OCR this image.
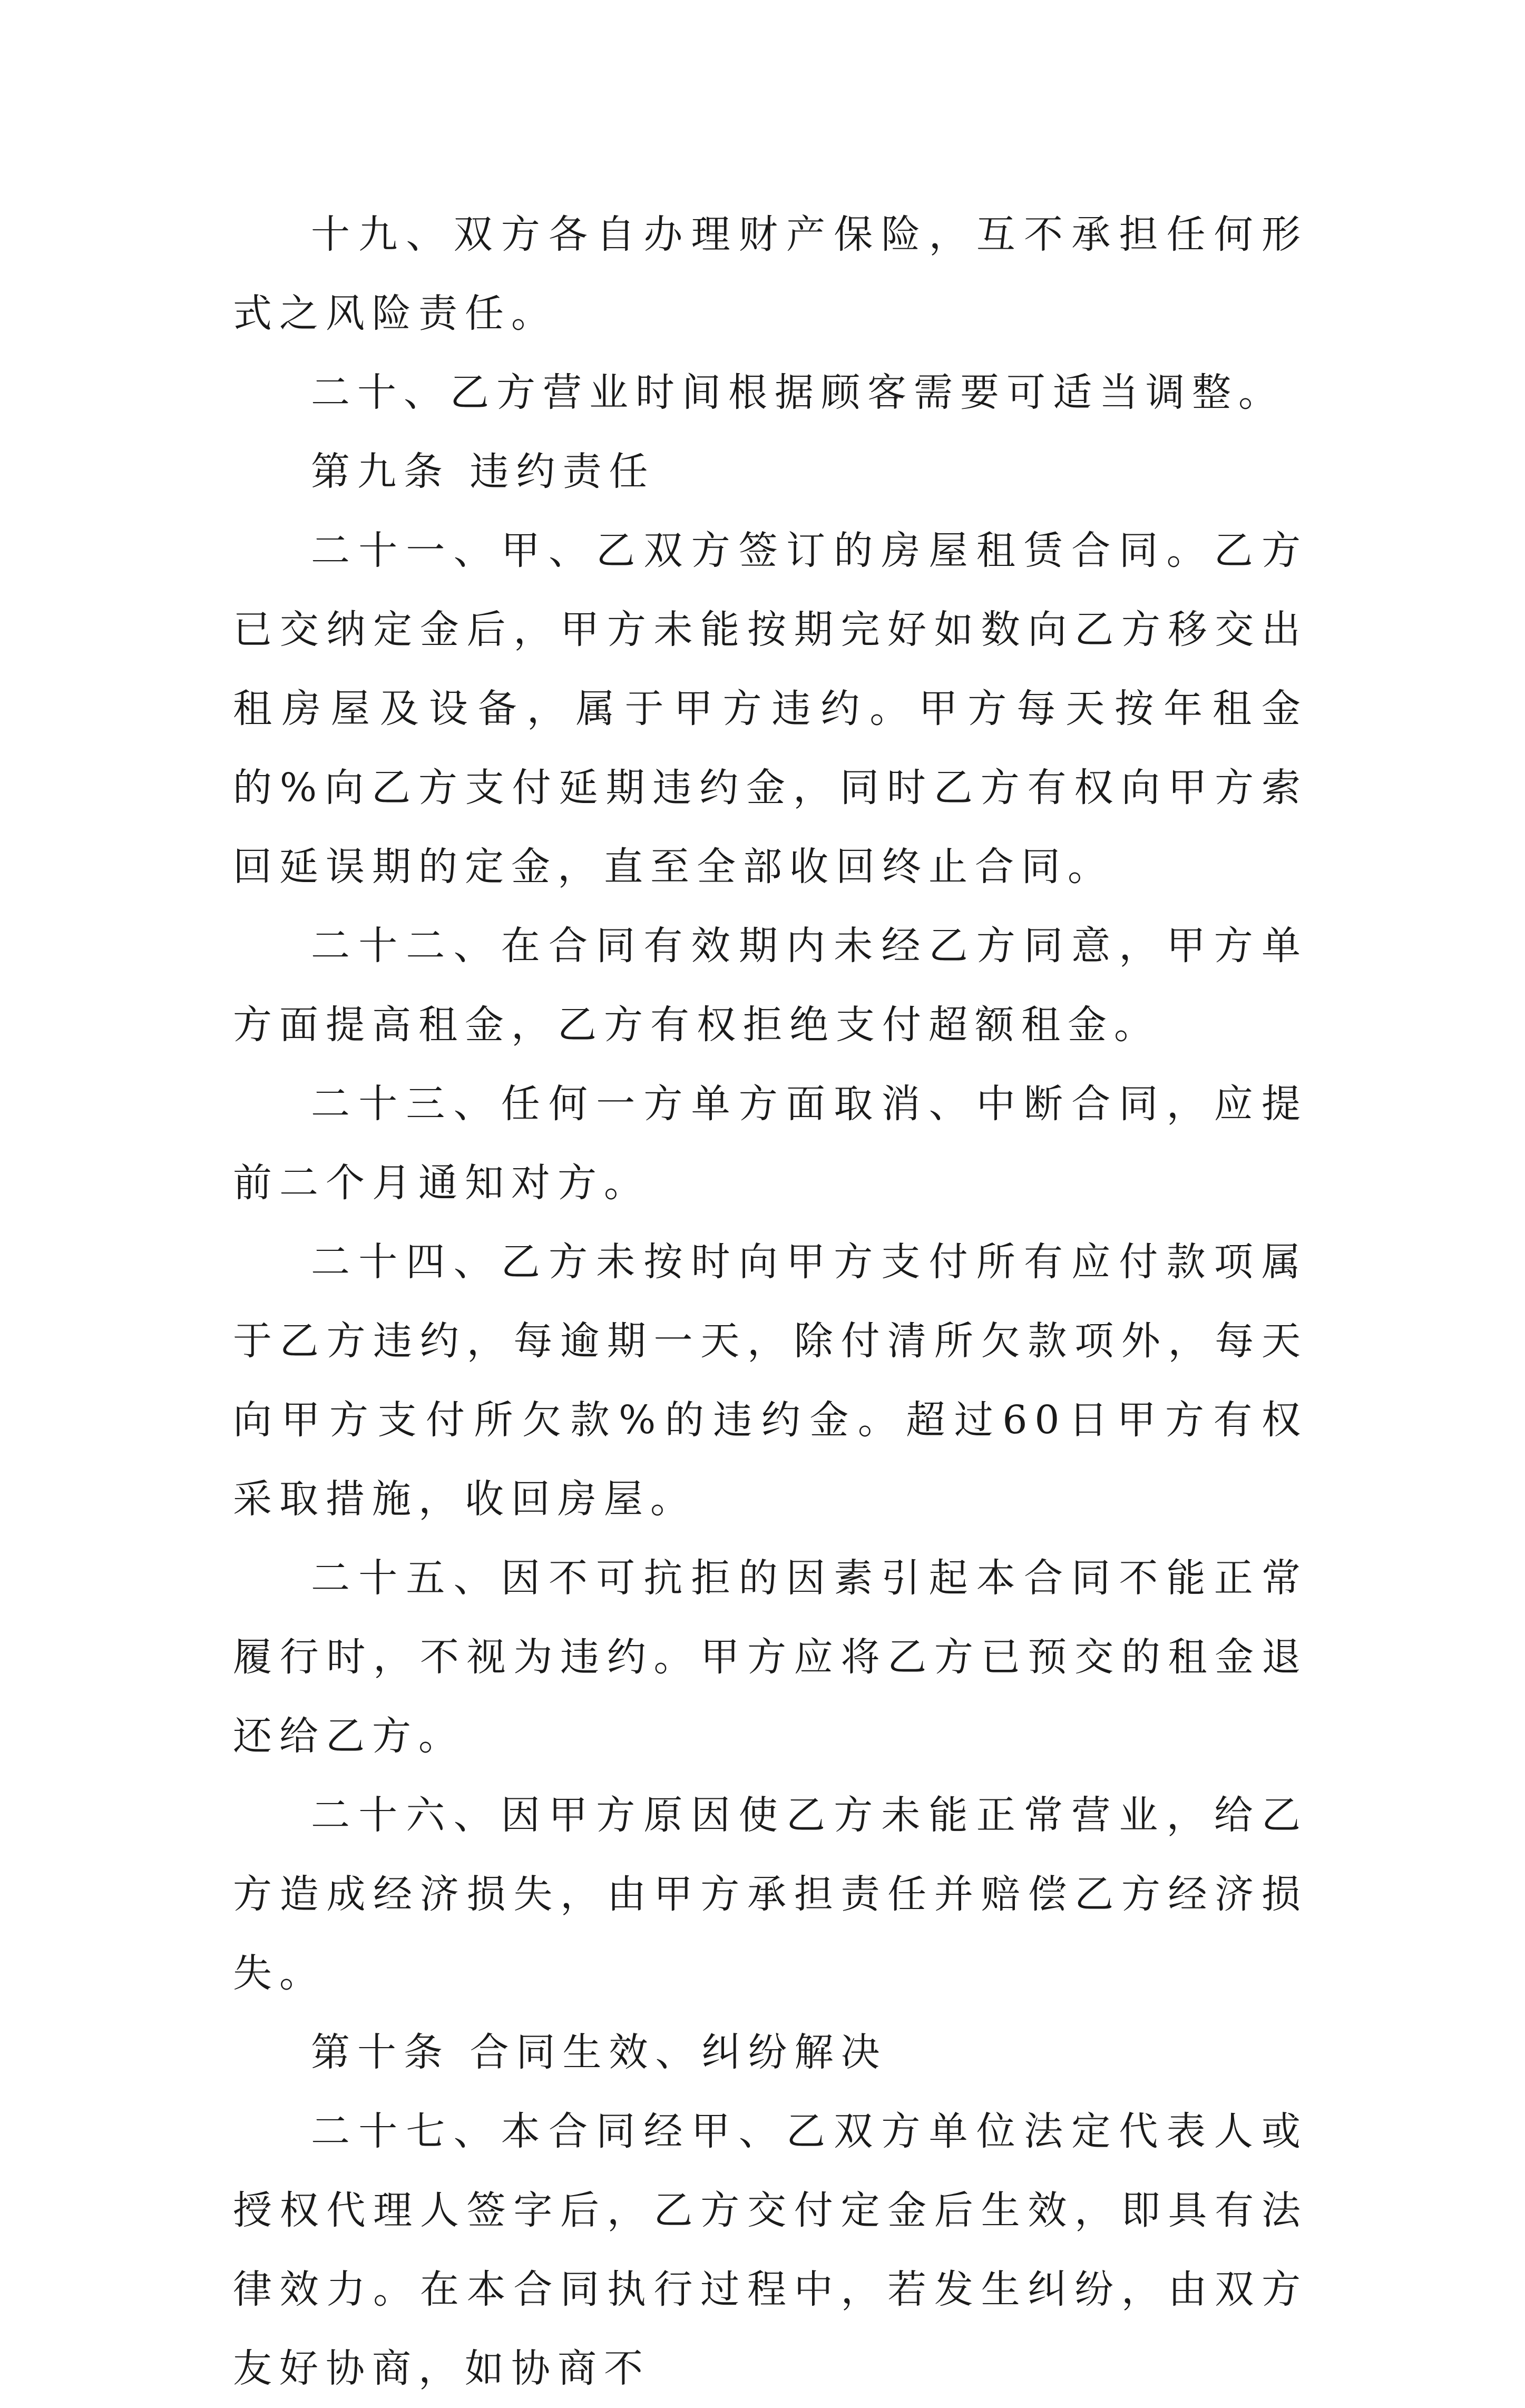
十九、双方各自办理财产保险，互不承担任何形式之风险责任。

二十、乙方营业时间根据顾客需要可适当调整。

第九条 违约责任

二十一、甲、乙双方签订的房屋租赁合同。乙方已交纳定金后，甲方未能按期完好如数向乙方移交出租房屋及设备，属于甲方违约。甲方每天按年租金的%向乙方支付延期违约金，同时乙方有权向甲方索回延误期的定金，直至全部收回终止合同。

二十二、在合同有效期内未经乙方同意，甲方单方面提高租金，乙方有权拒绝支付超额租金。

二十三、任何一方单方面取消、中断合同，应提前二个月通知对方。

二十四、乙方未按时向甲方支付所有应付款项属于乙方违约，每逾期一天，除付清所欠款项外，每天向甲方支付所欠款%的违约金。超过60日甲方有权采取措施，收回房屋。

二十五、因不可抗拒的因素引起本合同不能正常履行时，不视为违约。甲方应将乙方已预交的租金退还给乙方。

二十六、因甲方原因使乙方未能正常营业，给乙方造成经济损失，由甲方承担责任并赔偿乙方经济损失。

第十条 合同生效、纠纷解决

二十七、本合同经甲、乙双方单位法定代表人或授权代理人签字后，乙方交付定金后生效，即具有法律效力。在本合同执行过程中，若发生纠纷，由双方友好协商，如协商不
